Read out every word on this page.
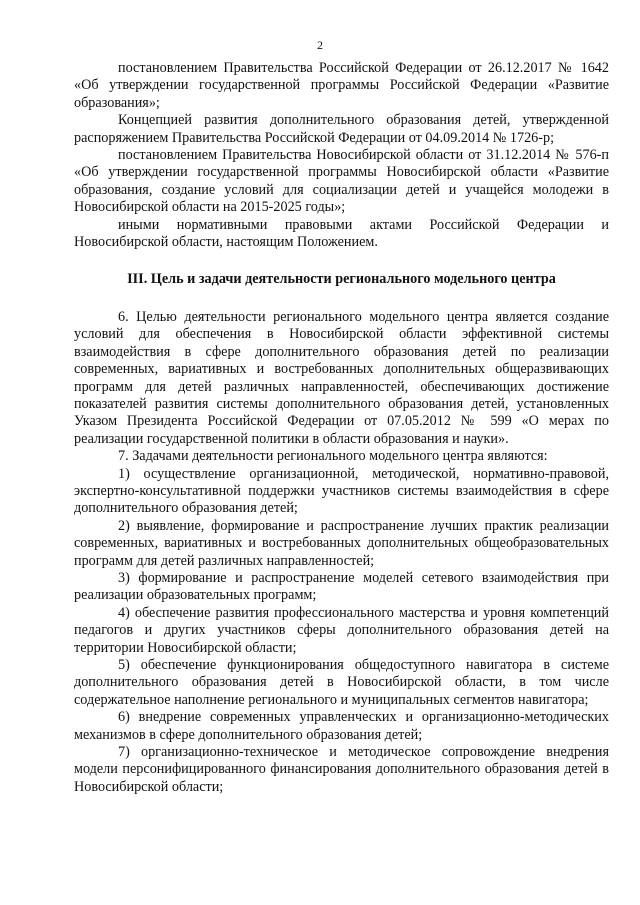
2

постановлением Правительства Российской Федерации от 26.12.2017 № 1642 «Об утверждении государственной программы Российской Федерации «Развитие образования»;

Концепцией развития дополнительного образования детей, утвержденной распоряжением Правительства Российской Федерации от 04.09.2014 № 1726-р;

постановлением Правительства Новосибирской области от 31.12.2014 № 576-п «Об утверждении государственной программы Новосибирской области «Развитие образования, создание условий для социализации детей и учащейся молодежи в Новосибирской области на 2015-2025 годы»;

иными нормативными правовыми актами Российской Федерации и Новосибирской области, настоящим Положением.

III. Цель и задачи деятельности регионального модельного центра

6. Целью деятельности регионального модельного центра является создание условий для обеспечения в Новосибирской области эффективной системы взаимодействия в сфере дополнительного образования детей по реализации современных, вариативных и востребованных дополнительных общеразвивающих программ для детей различных направленностей, обеспечивающих достижение показателей развития системы дополнительного образования детей, установленных Указом Президента Российской Федерации от 07.05.2012 № 599 «О мерах по реализации государственной политики в области образования и науки».

7. Задачами деятельности регионального модельного центра являются:

1) осуществление организационной, методической, нормативно-правовой, экспертно-консультативной поддержки участников системы взаимодействия в сфере дополнительного образования детей;

2) выявление, формирование и распространение лучших практик реализации современных, вариативных и востребованных дополнительных общеобразовательных программ для детей различных направленностей;

3) формирование и распространение моделей сетевого взаимодействия при реализации образовательных программ;

4) обеспечение развития профессионального мастерства и уровня компетенций педагогов и других участников сферы дополнительного образования детей на территории Новосибирской области;

5) обеспечение функционирования общедоступного навигатора в системе дополнительного образования детей в Новосибирской области, в том числе содержательное наполнение регионального и муниципальных сегментов навигатора;

6) внедрение современных управленческих и организационно-методических механизмов в сфере дополнительного образования детей;

7) организационно-техническое и методическое сопровождение внедрения модели персонифицированного финансирования дополнительного образования детей в Новосибирской области;
